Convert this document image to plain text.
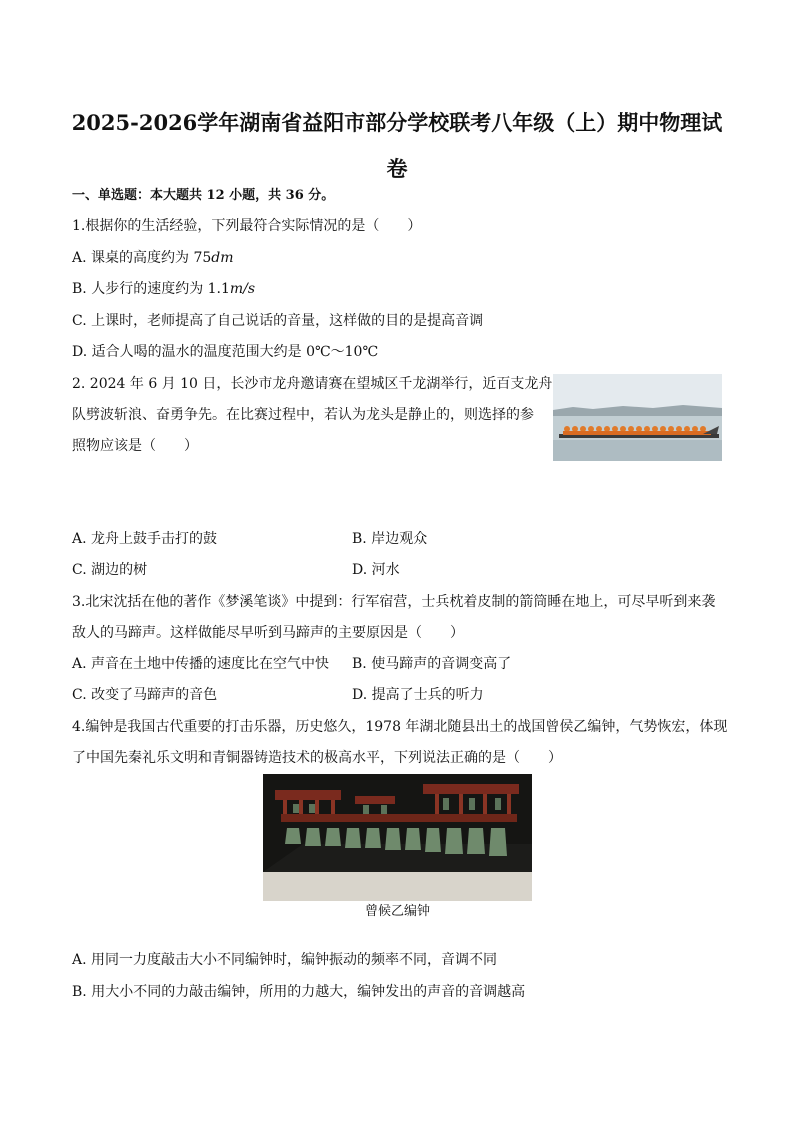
2025-2026学年湖南省益阳市部分学校联考八年级（上）期中物理试
卷
一、单选题：本大题共 12 小题，共 36 分。
1.根据你的生活经验，下列最符合实际情况的是（　　）
A. 课桌的高度约为 75dm
B. 人步行的速度约为 1.1m/s
C. 上课时，老师提高了自己说话的音量，这样做的目的是提高音调
D. 适合人喝的温水的温度范围大约是 0℃～10℃
2. 2024 年 6 月 10 日，长沙市龙舟邀请赛在望城区千龙湖举行，近百支龙舟
队劈波斩浪、奋勇争先。在比赛过程中，若认为龙头是静止的，则选择的参
照物应该是（　　）
A. 龙舟上鼓手击打的鼓	B. 岸边观众
C. 湖边的树	D. 河水
3.北宋沈括在他的著作《梦溪笔谈》中提到：行军宿营，士兵枕着皮制的箭筒睡在地上，可尽早听到来袭
敌人的马蹄声。这样做能尽早听到马蹄声的主要原因是（　　）
A. 声音在土地中传播的速度比在空气中快 B. 使马蹄声的音调变高了
C. 改变了马蹄声的音色	D. 提高了士兵的听力
4.编钟是我国古代重要的打击乐器，历史悠久，1978 年湖北随县出土的战国曾侯乙编钟，气势恢宏，体现
了中国先秦礼乐文明和青铜器铸造技术的极高水平，下列说法正确的是（　　）
曾候乙编钟
A. 用同一力度敲击大小不同编钟时，编钟振动的频率不同，音调不同
B. 用大小不同的力敲击编钟，所用的力越大，编钟发出的声音的音调越高
